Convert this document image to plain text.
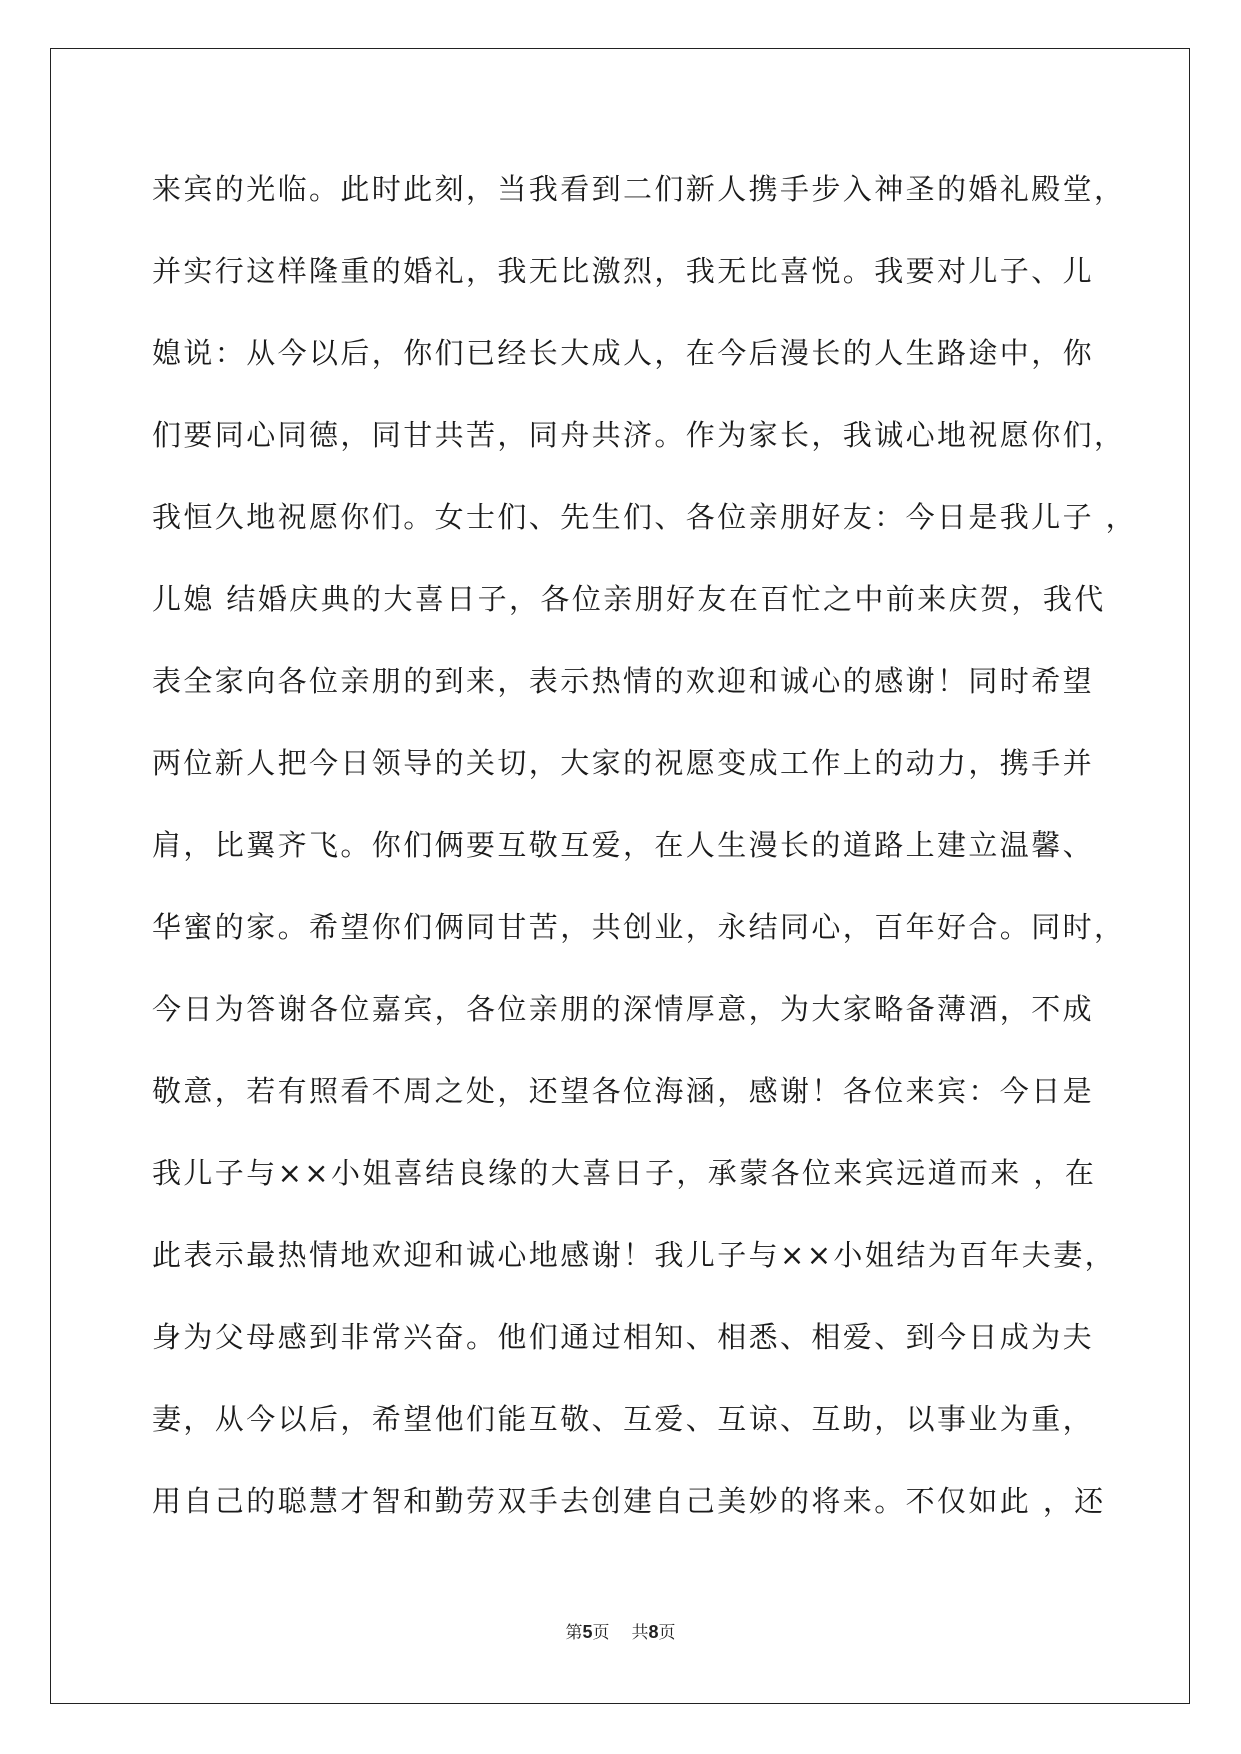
来宾的光临。此时此刻，当我看到二们新人携手步入神圣的婚礼殿堂，
并实行这样隆重的婚礼，我无比激烈，我无比喜悦。我要对儿子、儿
媳说：从今以后，你们已经长大成人，在今后漫长的人生路途中，你
们要同心同德，同甘共苦，同舟共济。作为家长，我诚心地祝愿你们，
我恒久地祝愿你们。女士们、先生们、各位亲朋好友：今日是我儿子 ，
儿媳 结婚庆典的大喜日子，各位亲朋好友在百忙之中前来庆贺，我代
表全家向各位亲朋的到来，表示热情的欢迎和诚心的感谢！同时希望
两位新人把今日领导的关切，大家的祝愿变成工作上的动力，携手并
肩，比翼齐飞。你们俩要互敬互爱，在人生漫长的道路上建立温馨、
华蜜的家。希望你们俩同甘苦，共创业，永结同心，百年好合。同时，
今日为答谢各位嘉宾，各位亲朋的深情厚意，为大家略备薄酒，不成
敬意，若有照看不周之处，还望各位海涵，感谢！各位来宾：今日是
我儿子与××小姐喜结良缘的大喜日子，承蒙各位来宾远道而来 ，在
此表示最热情地欢迎和诚心地感谢！我儿子与××小姐结为百年夫妻，
身为父母感到非常兴奋。他们通过相知、相悉、相爱、到今日成为夫
妻，从今以后，希望他们能互敬、互爱、互谅、互助，以事业为重，
用自己的聪慧才智和勤劳双手去创建自己美妙的将来。不仅如此 ，还
第5页 共8页
